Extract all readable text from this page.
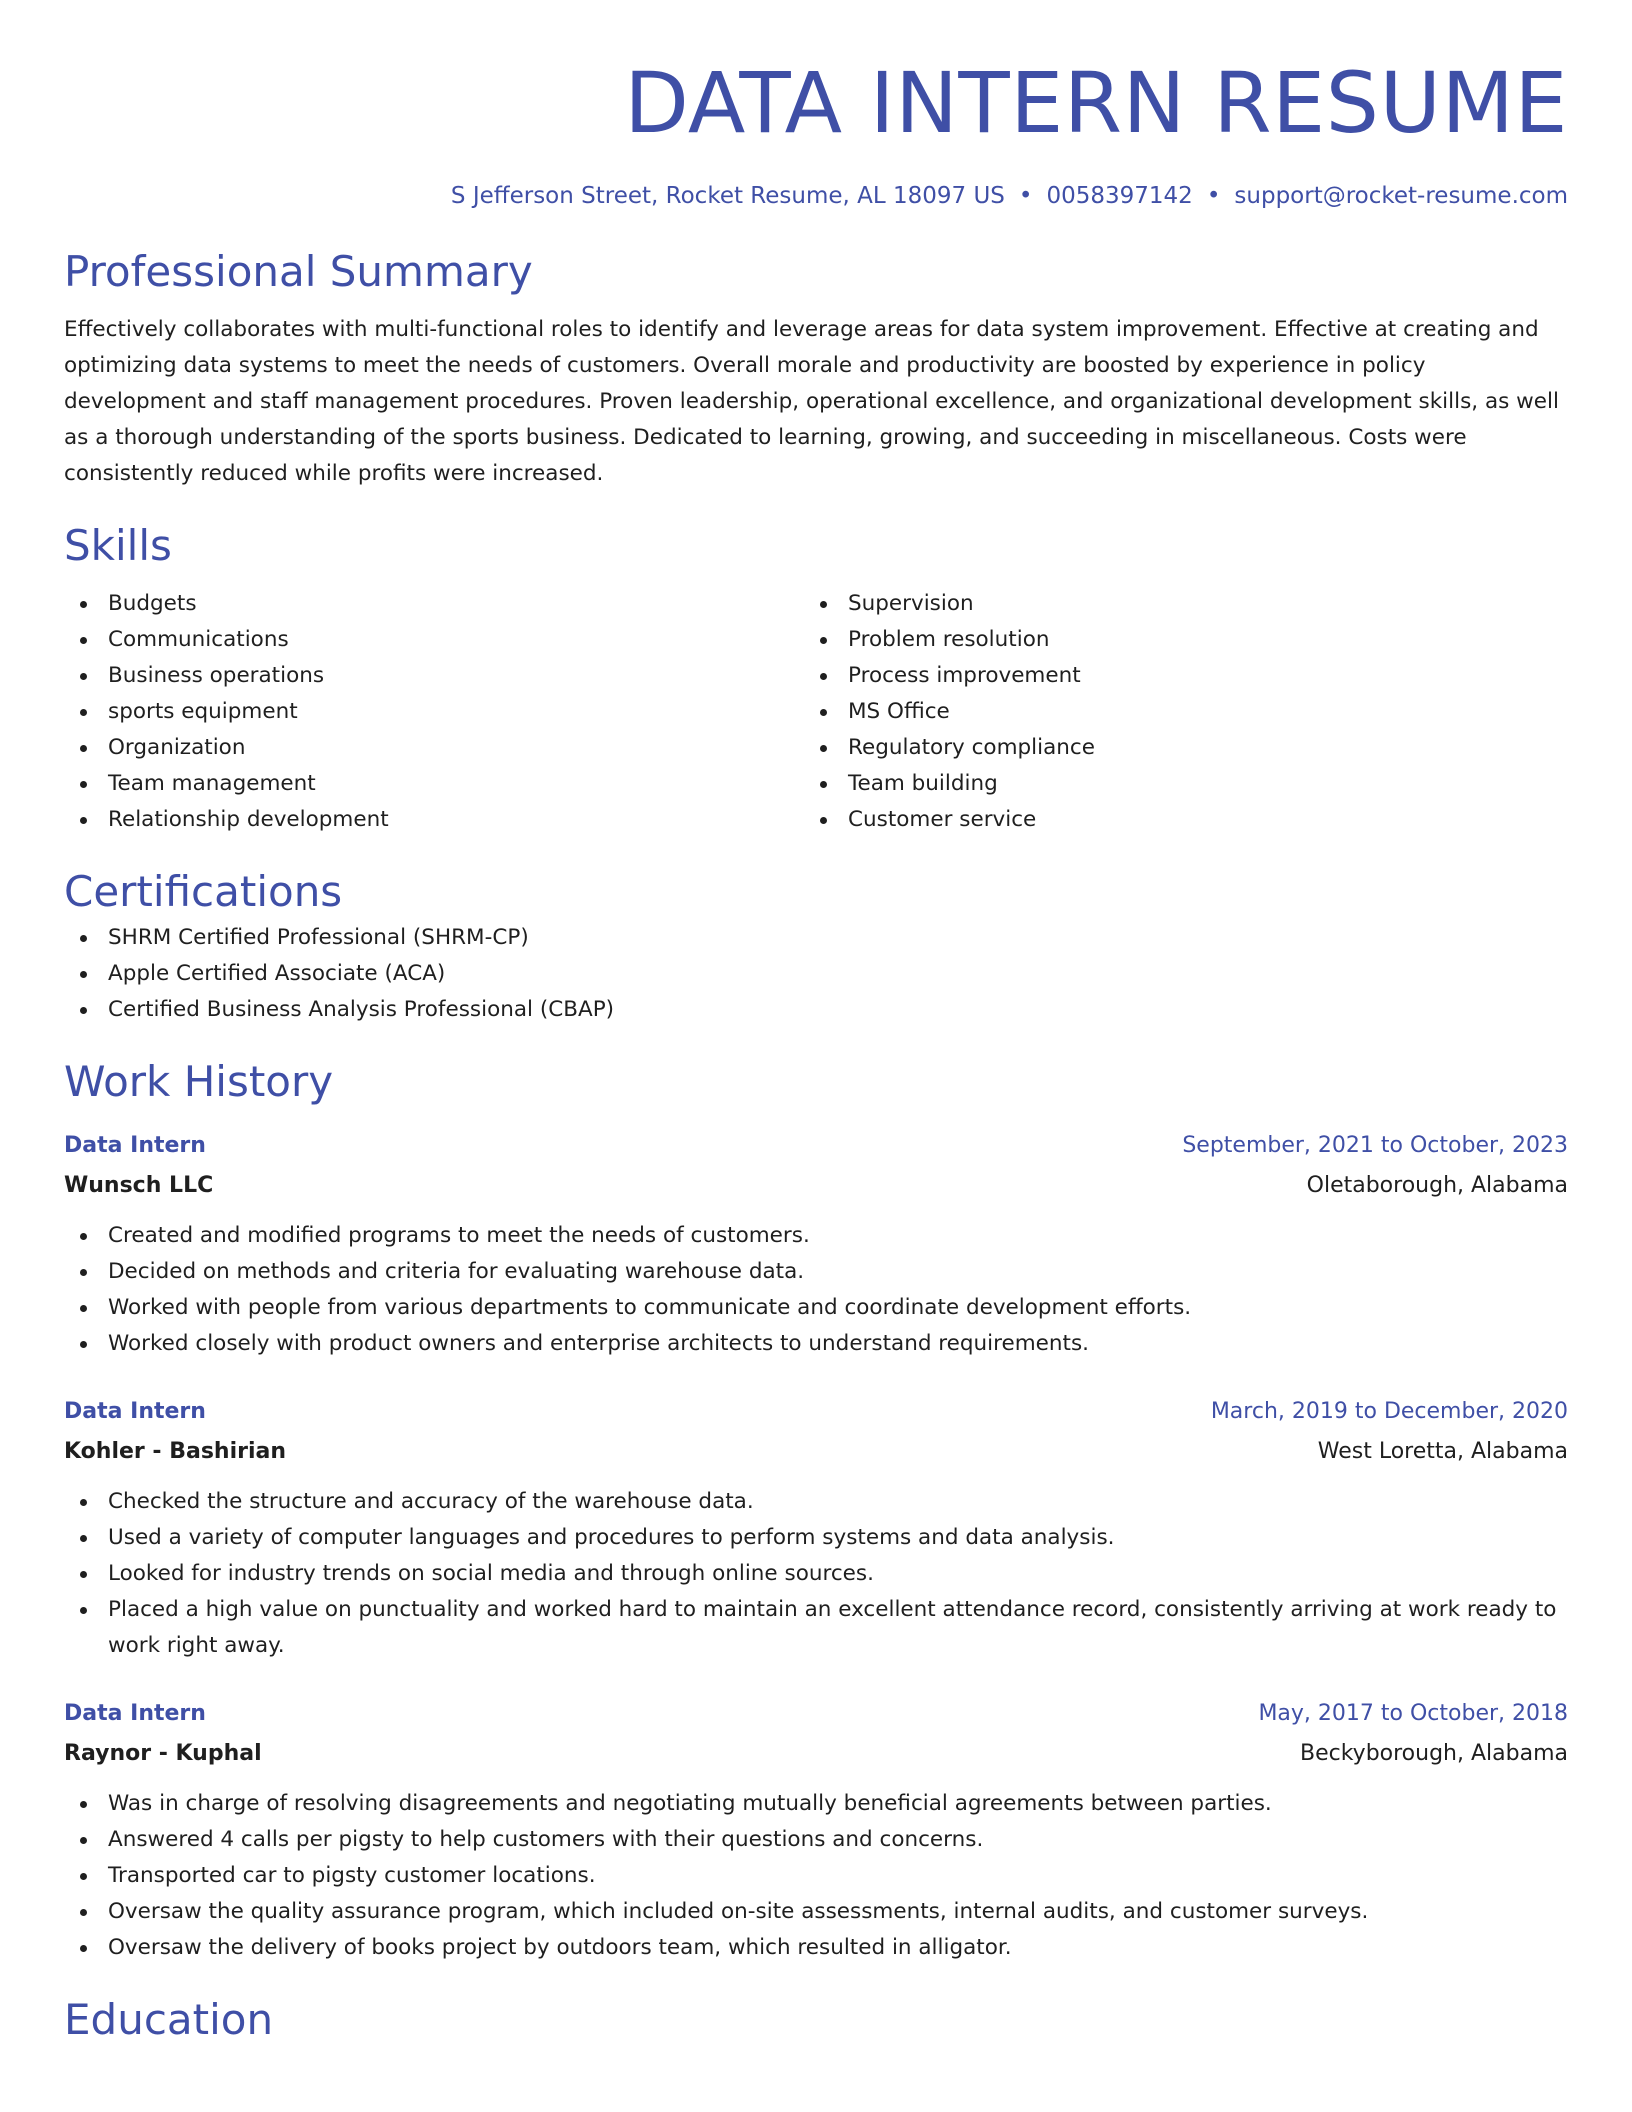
DATA INTERN RESUME
S Jefferson Street, Rocket Resume, AL 18097 US • 0058397142 • support@rocket-resume.com
Professional Summary

Effectively collaborates with multi-functional roles to identify and leverage areas for data system improvement. Effective at creating and optimizing data systems to meet the needs of customers. Overall morale and productivity are boosted by experience in policy development and staff management procedures. Proven leadership, operational excellence, and organizational development skills, as well as a thorough understanding of the sports business. Dedicated to learning, growing, and succeeding in miscellaneous. Costs were consistently reduced while profits were increased.

Skills
Budgets
Communications
Business operations
sports equipment
Organization
Team management
Relationship development
Supervision
Problem resolution
Process improvement
MS Office
Regulatory compliance
Team building
Customer service
Certifications
SHRM Certified Professional (SHRM-CP)
Apple Certified Associate (ACA)
Certified Business Analysis Professional (CBAP)
Work History
Data Intern	September, 2021 to October, 2023
Wunsch LLC	Oletaborough, Alabama
Created and modified programs to meet the needs of customers.
Decided on methods and criteria for evaluating warehouse data.
Worked with people from various departments to communicate and coordinate development efforts.
Worked closely with product owners and enterprise architects to understand requirements.
Data Intern	March, 2019 to December, 2020
Kohler - Bashirian	West Loretta, Alabama
Checked the structure and accuracy of the warehouse data.
Used a variety of computer languages and procedures to perform systems and data analysis.
Looked for industry trends on social media and through online sources.
Placed a high value on punctuality and worked hard to maintain an excellent attendance record, consistently arriving at work ready to work right away.
Data Intern	May, 2017 to October, 2018
Raynor - Kuphal	Beckyborough, Alabama
Was in charge of resolving disagreements and negotiating mutually beneficial agreements between parties.
Answered 4 calls per pigsty to help customers with their questions and concerns.
Transported car to pigsty customer locations.
Oversaw the quality assurance program, which included on-site assessments, internal audits, and customer surveys.
Oversaw the delivery of books project by outdoors team, which resulted in alligator.
Education
